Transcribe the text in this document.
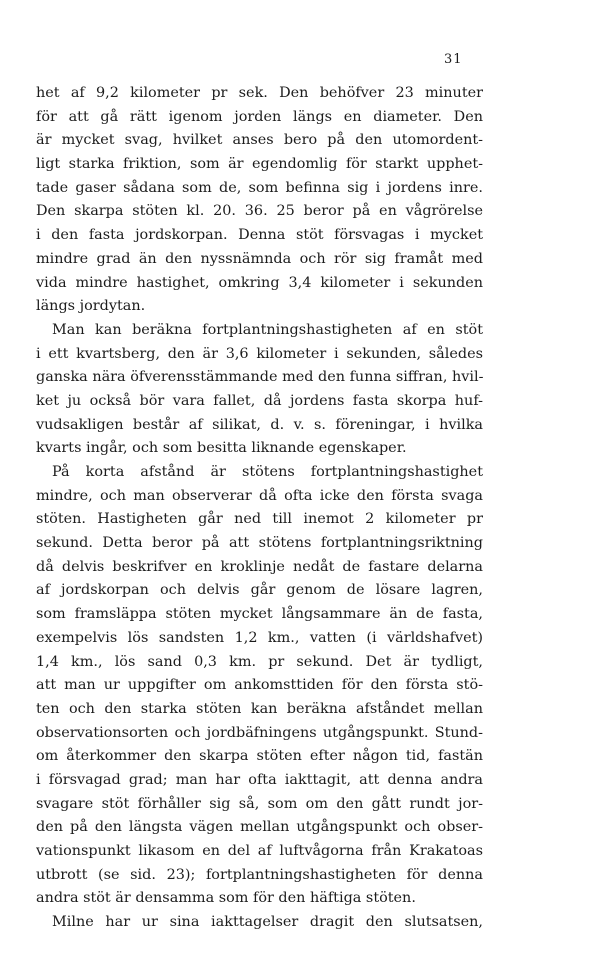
31
het af 9,2 kilometer pr sek. Den behöfver 23 minuter
för att gå rätt igenom jorden längs en diameter. Den
är mycket svag, hvilket anses bero på den utomordent-
ligt starka friktion, som är egendomlig för starkt upphet-
tade gaser sådana som de, som befinna sig i jordens inre.
Den skarpa stöten kl. 20. 36. 25 beror på en vågrörelse
i den fasta jordskorpan. Denna stöt försvagas i mycket
mindre grad än den nyssnämnda och rör sig framåt med
vida mindre hastighet, omkring 3,4 kilometer i sekunden
längs jordytan.
Man kan beräkna fortplantningshastigheten af en stöt
i ett kvartsberg, den är 3,6 kilometer i sekunden, således
ganska nära öfverensstämmande med den funna siffran, hvil-
ket ju också bör vara fallet, då jordens fasta skorpa huf-
vudsakligen består af silikat, d. v. s. föreningar, i hvilka
kvarts ingår, och som besitta liknande egenskaper.
På korta afstånd är stötens fortplantningshastighet
mindre, och man observerar då ofta icke den första svaga
stöten. Hastigheten går ned till inemot 2 kilometer pr
sekund. Detta beror på att stötens fortplantningsriktning
då delvis beskrifver en kroklinje nedåt de fastare delarna
af jordskorpan och delvis går genom de lösare lagren,
som framsläppa stöten mycket långsammare än de fasta,
exempelvis lös sandsten 1,2 km., vatten (i världshafvet)
1,4 km., lös sand 0,3 km. pr sekund. Det är tydligt,
att man ur uppgifter om ankomsttiden för den första stö-
ten och den starka stöten kan beräkna afståndet mellan
observationsorten och jordbäfningens utgångspunkt. Stund-
om återkommer den skarpa stöten efter någon tid, fastän
i försvagad grad; man har ofta iakttagit, att denna andra
svagare stöt förhåller sig så, som om den gått rundt jor-
den på den längsta vägen mellan utgångspunkt och obser-
vationspunkt likasom en del af luftvågorna från Krakatoas
utbrott (se sid. 23); fortplantningshastigheten för denna
andra stöt är densamma som för den häftiga stöten.
Milne har ur sina iakttagelser dragit den slutsatsen,
